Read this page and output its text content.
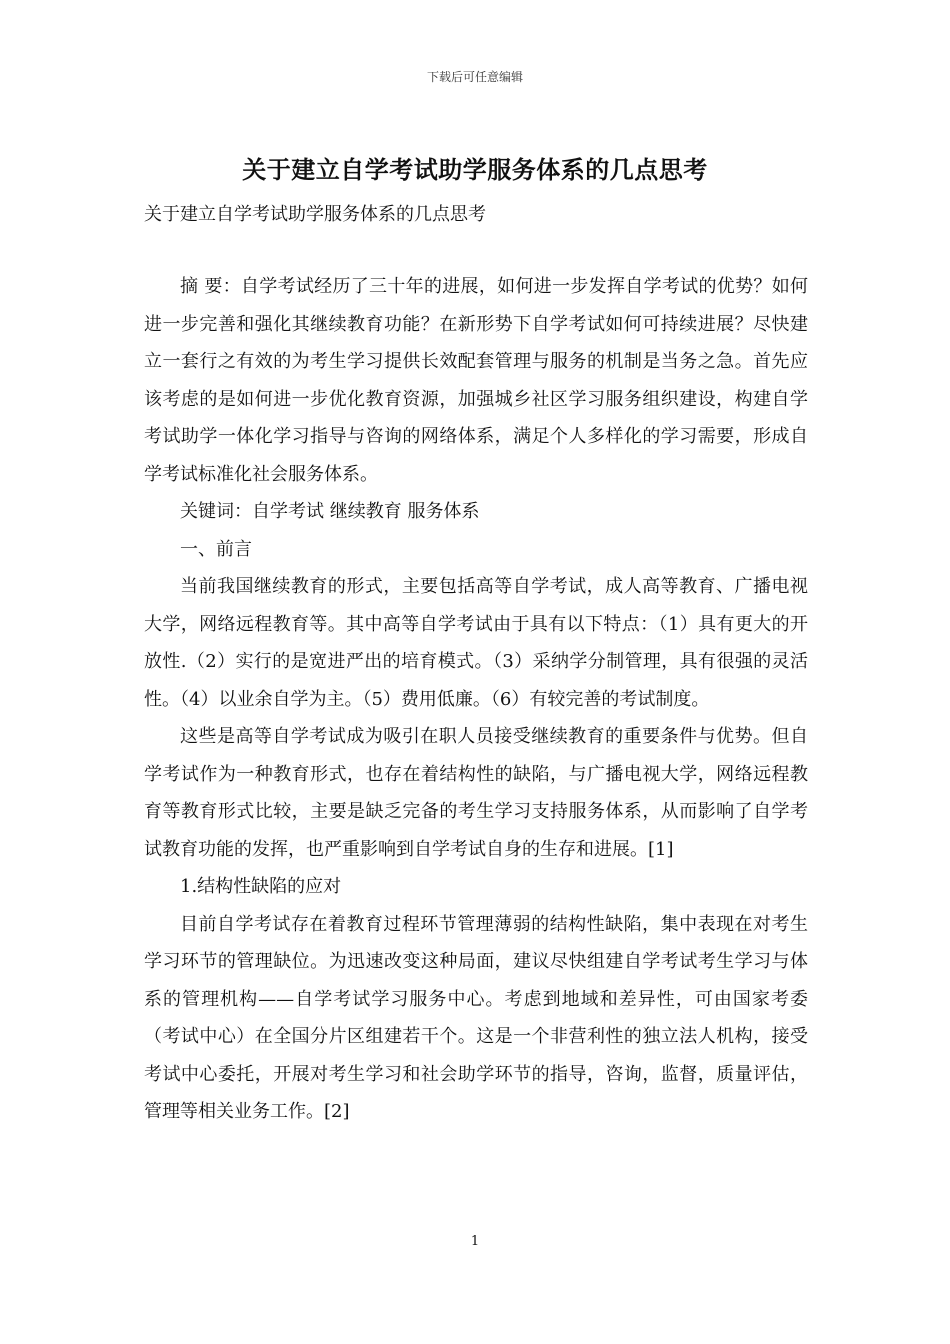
下载后可任意编辑
关于建立自学考试助学服务体系的几点思考
关于建立自学考试助学服务体系的几点思考

摘 要：自学考试经历了三十年的进展，如何进一步发挥自学考试的优势？如何进一步完善和强化其继续教育功能？在新形势下自学考试如何可持续进展？尽快建立一套行之有效的为考生学习提供长效配套管理与服务的机制是当务之急。首先应该考虑的是如何进一步优化教育资源，加强城乡社区学习服务组织建设，构建自学考试助学一体化学习指导与咨询的网络体系，满足个人多样化的学习需要，形成自学考试标准化社会服务体系。

关键词：自学考试 继续教育 服务体系

一、前言

当前我国继续教育的形式，主要包括高等自学考试，成人高等教育、广播电视大学，网络远程教育等。其中高等自学考试由于具有以下特点：（1）具有更大的开放性.（2）实行的是宽进严出的培育模式。（3）采纳学分制管理，具有很强的灵活性。（4）以业余自学为主。（5）费用低廉。（6）有较完善的考试制度。

这些是高等自学考试成为吸引在职人员接受继续教育的重要条件与优势。但自学考试作为一种教育形式，也存在着结构性的缺陷，与广播电视大学，网络远程教育等教育形式比较，主要是缺乏完备的考生学习支持服务体系，从而影响了自学考试教育功能的发挥，也严重影响到自学考试自身的生存和进展。[1]

1.结构性缺陷的应对

目前自学考试存在着教育过程环节管理薄弱的结构性缺陷，集中表现在对考生学习环节的管理缺位。为迅速改变这种局面，建议尽快组建自学考试考生学习与体系的管理机构——自学考试学习服务中心。考虑到地域和差异性，可由国家考委（考试中心）在全国分片区组建若干个。这是一个非营利性的独立法人机构，接受考试中心委托，开展对考生学习和社会助学环节的指导，咨询，监督，质量评估，管理等相关业务工作。[2]

1
